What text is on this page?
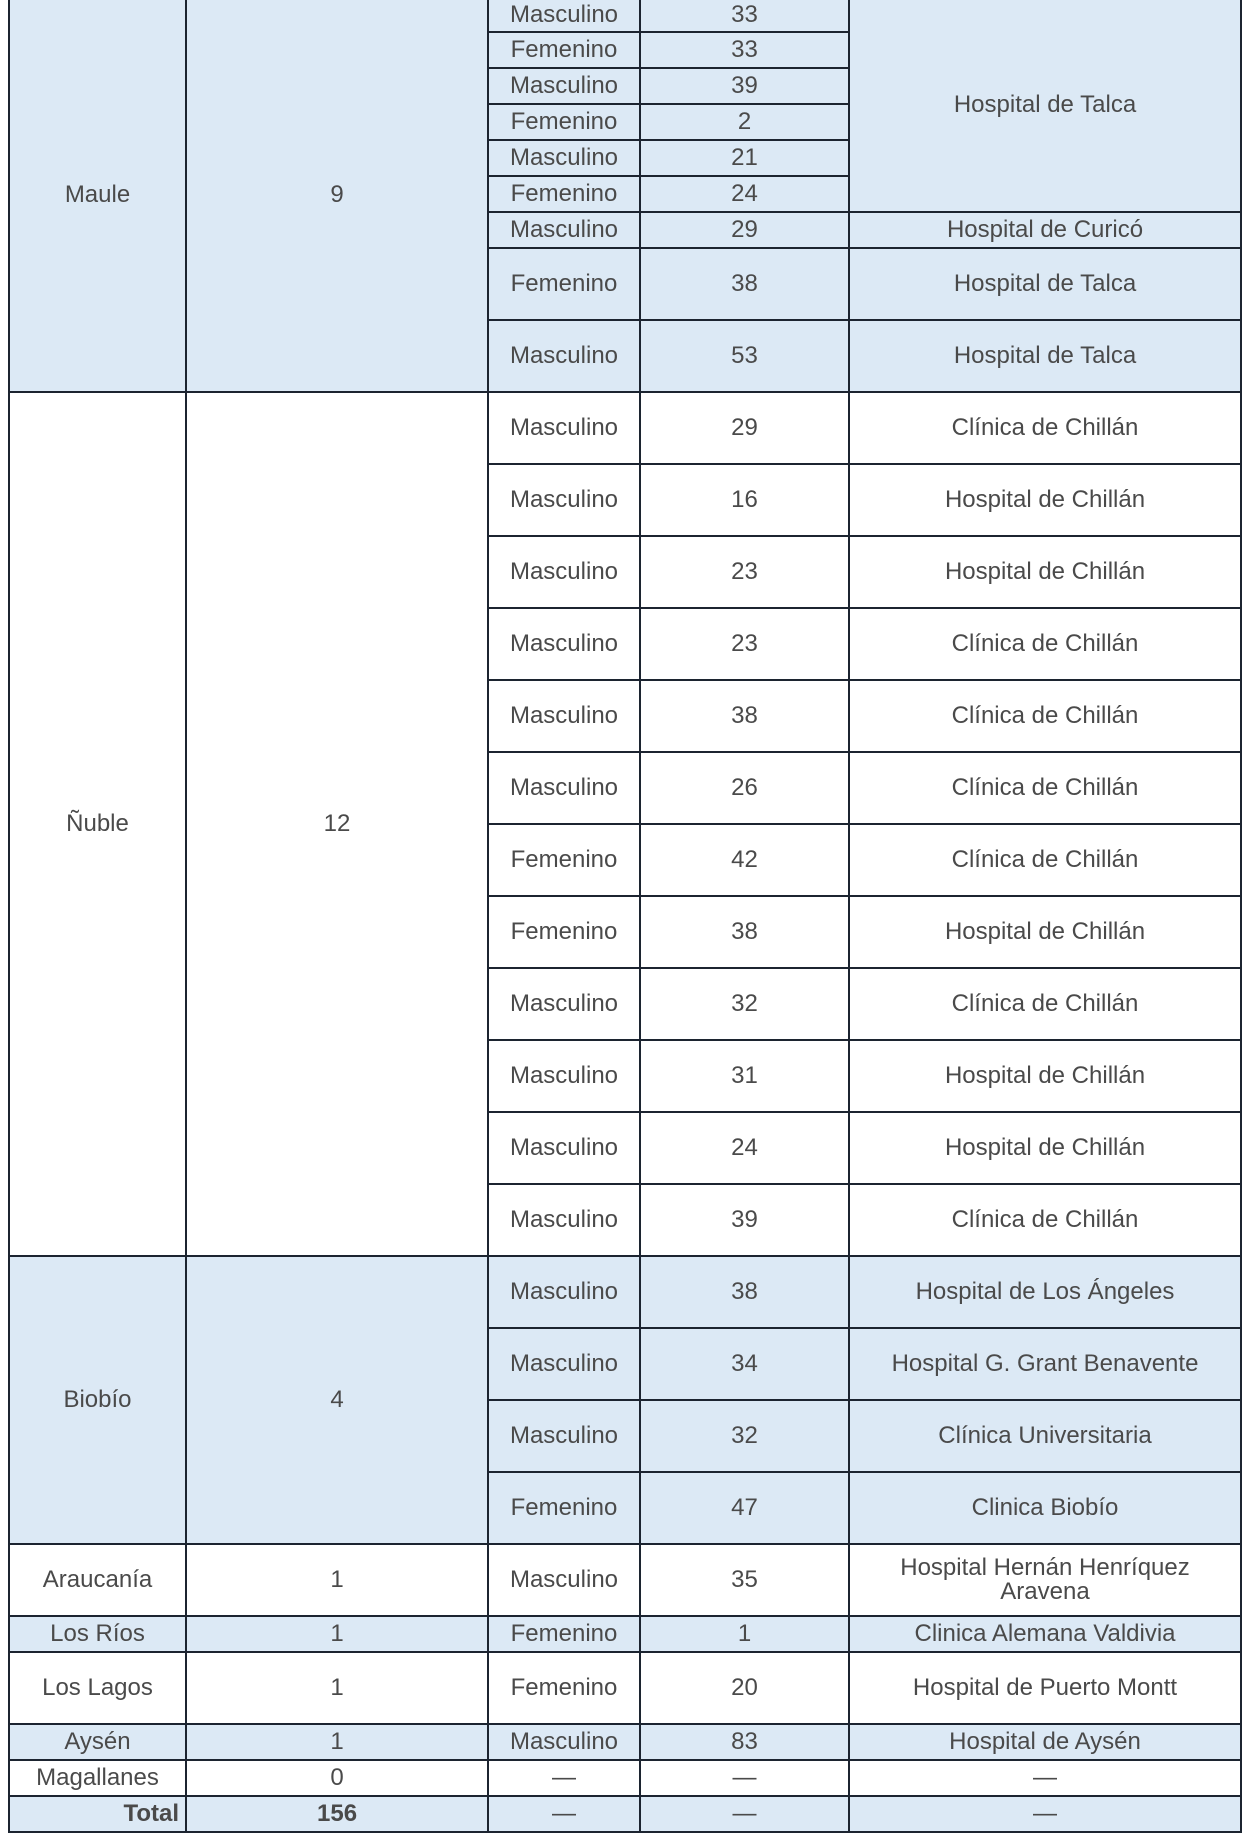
Maule	9	Masculino	33	Hospital de Talca
		Femenino	33	
		Masculino	39	
		Femenino	2	
		Masculino	21	
		Femenino	24	
		Masculino	29	Hospital de Curicó
		Femenino	38	Hospital de Talca
		Masculino	53	Hospital de Talca
Ñuble	12	Masculino	29	Clínica de Chillán
		Masculino	16	Hospital de Chillán
		Masculino	23	Hospital de Chillán
		Masculino	23	Clínica de Chillán
		Masculino	38	Clínica de Chillán
		Masculino	26	Clínica de Chillán
		Femenino	42	Clínica de Chillán
		Femenino	38	Hospital de Chillán
		Masculino	32	Clínica de Chillán
		Masculino	31	Hospital de Chillán
		Masculino	24	Hospital de Chillán
		Masculino	39	Clínica de Chillán
Biobío	4	Masculino	38	Hospital de Los Ángeles
		Masculino	34	Hospital G. Grant Benavente
		Masculino	32	Clínica Universitaria
		Femenino	47	Clinica Biobío
Araucanía	1	Masculino	35	Hospital Hernán Henríquez Aravena
Los Ríos	1	Femenino	1	Clinica Alemana Valdivia
Los Lagos	1	Femenino	20	Hospital de Puerto Montt
Aysén	1	Masculino	83	Hospital de Aysén
Magallanes	0	—	—	—
Total	156	—	—	—
